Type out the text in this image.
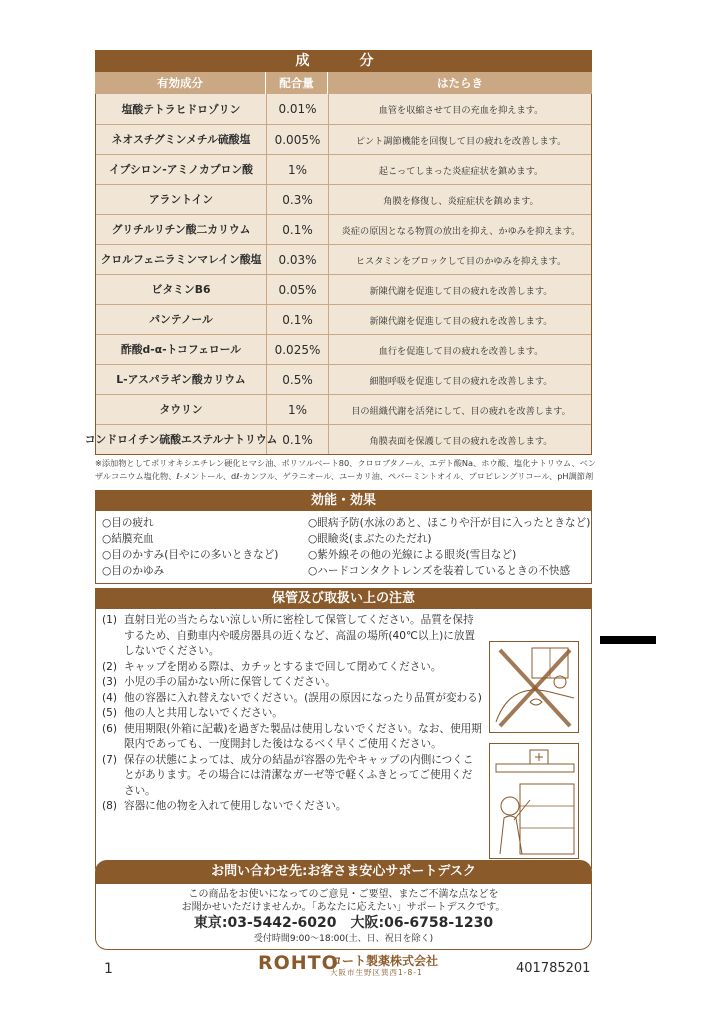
成　分
有効成分	配合量	はたらき
塩酸テトラヒドロゾリン	0.01%	血管を収縮させて目の充血を抑えます。
ネオスチグミンメチル硫酸塩	0.005%	ピント調節機能を回復して目の疲れを改善します。
イプシロン-アミノカプロン酸	1%	起こってしまった炎症症状を鎮めます。
アラントイン	0.3%	角膜を修復し、炎症症状を鎮めます。
グリチルリチン酸二カリウム	0.1%	炎症の原因となる物質の放出を抑え、かゆみを抑えます。
クロルフェニラミンマレイン酸塩	0.03%	ヒスタミンをブロックして目のかゆみを抑えます。
ビタミンB6	0.05%	新陳代謝を促進して目の疲れを改善します。
パンテノール	0.1%	新陳代謝を促進して目の疲れを改善します。
酢酸d-α-トコフェロール	0.025%	血行を促進して目の疲れを改善します。
L-アスパラギン酸カリウム	0.5%	細胞呼吸を促進して目の疲れを改善します。
タウリン	1%	目の組織代謝を活発にして、目の疲れを改善します。
コンドロイチン硫酸エステルナトリウム 0.1%	角膜表面を保護して目の疲れを改善します。
※添加物としてポリオキシエチレン硬化ヒマシ油、ポリソルベート80、クロロブタノール、エデト酸Na、ホウ酸、塩化ナトリウム、ベンザルコニウム塩化物、ℓ-メントール、dℓ-カンフル、ゲラニオール、ユーカリ油、ペパーミントオイル、プロピレングリコール、pH調節剤
効能・効果
○目の疲れ	○眼病予防(水泳のあと、ほこりや汗が目に入ったときなど)
○結膜充血	○眼瞼炎(まぶたのただれ)
○目のかすみ(目やにの多いときなど)	○紫外線その他の光線による眼炎(雪目など)
○目のかゆみ	○ハードコンタクトレンズを装着しているときの不快感
保管及び取扱い上の注意
(1) 直射日光の当たらない涼しい所に密栓して保管してください。品質を保持するため、自動車内や暖房器具の近くなど、高温の場所(40℃以上)に放置しないでください。
(2) キャップを閉める際は、カチッとするまで回して閉めてください。
(3) 小児の手の届かない所に保管してください。
(4) 他の容器に入れ替えないでください。(誤用の原因になったり品質が変わる)
(5) 他の人と共用しないでください。
(6) 使用期限(外箱に記載)を過ぎた製品は使用しないでください。なお、使用期限内であっても、一度開封した後はなるべく早くご使用ください。
(7) 保存の状態によっては、成分の結晶が容器の先やキャップの内側につくことがあります。その場合には清潔なガーゼ等で軽くふきとってご使用ください。
(8) 容器に他の物を入れて使用しないでください。
お問い合わせ先:お客さま安心サポートデスク
この商品をお使いになってのご意見・ご要望、またご不満な点などを
お聞かせいただけませんか。「あなたに応えたい」サポートデスクです。
東京:03-5442-6020　大阪:06-6758-1230
受付時間9:00～18:00(土、日、祝日を除く)
1	ROHTO
ロート製薬株式会社
大阪市生野区巽西1-8-1	401785201
